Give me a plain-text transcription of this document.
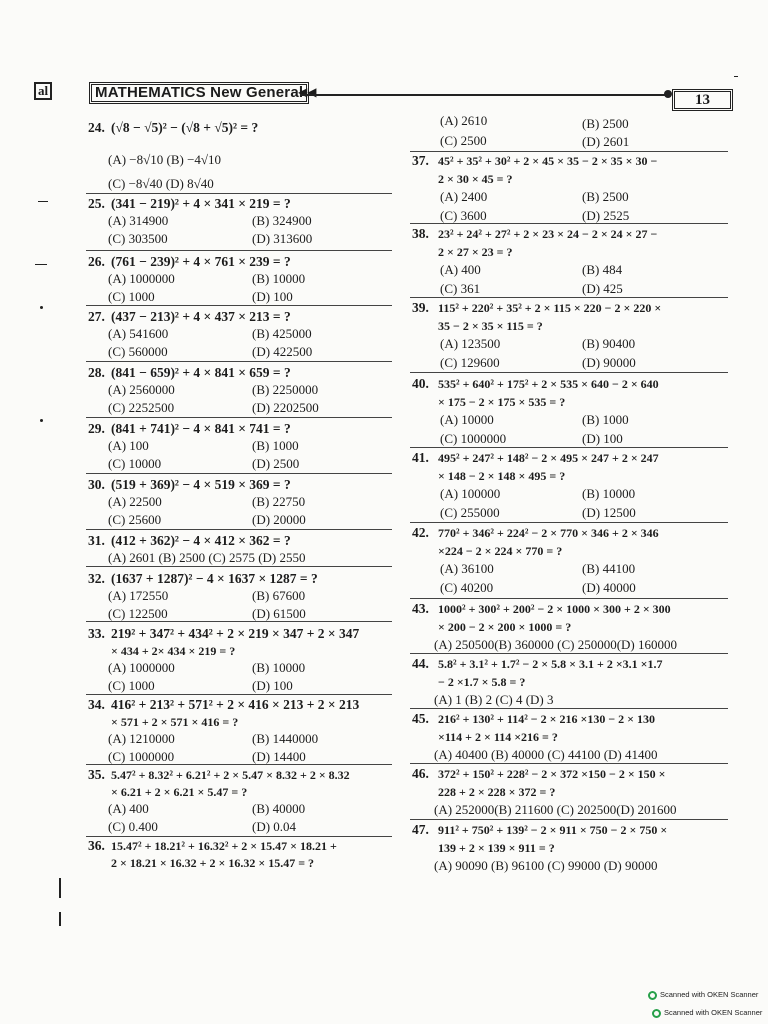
al	MATHEMATICS New General
◀◀	13
Scanned with OKEN Scanner
Scanned with OKEN Scanner
24. (√8 − √5)² − (√8 + √5)² = ?
(A) −8√10 (B) −4√10
(C) −8√40 (D) 8√40
25. (341 − 219)² + 4 × 341 × 219 = ?
(A) 314900	(B) 324900
(C) 303500	(D) 313600
26. (761 − 239)² + 4 × 761 × 239 = ?
(A) 1000000	(B) 10000
(C) 1000	(D) 100
27. (437 − 213)² + 4 × 437 × 213 = ?
(A) 541600	(B) 425000
(C) 560000	(D) 422500
28. (841 − 659)² + 4 × 841 × 659 = ?
(A) 2560000	(B) 2250000
(C) 2252500	(D) 2202500
29. (841 + 741)² − 4 × 841 × 741 = ?
(A) 100	(B) 1000
(C) 10000	(D) 2500
30. (519 + 369)² − 4 × 519 × 369 = ?
(A) 22500	(B) 22750
(C) 25600	(D) 20000
31. (412 + 362)² − 4 × 412 × 362 = ?
(A) 2601 (B) 2500 (C) 2575 (D) 2550
32. (1637 + 1287)² − 4 × 1637 × 1287 = ?
(A) 172550	(B) 67600
(C) 122500	(D) 61500
33. 219² + 347² + 434² + 2 × 219 × 347 + 2 × 347
× 434 + 2× 434 × 219 = ?
(A) 1000000	(B) 10000
(C) 1000	(D) 100
34. 416² + 213² + 571² + 2 × 416 × 213 + 2 × 213
× 571 + 2 × 571 × 416 = ?
(A) 1210000	(B) 1440000
(C) 1000000	(D) 14400
35. 5.47² + 8.32² + 6.21² + 2 × 5.47 × 8.32 + 2 × 8.32
× 6.21 + 2 × 6.21 × 5.47 = ?
(A) 400	(B) 40000
(C) 0.400	(D) 0.04
36. 15.47² + 18.21² + 16.32² + 2 × 15.47 × 18.21 +
2 × 18.21 × 16.32 + 2 × 16.32 × 15.47 = ?
(A) 2610	(B) 2500
(C) 2500	(D) 2601
37. 45² + 35² + 30² + 2 × 45 × 35 − 2 × 35 × 30 −
2 × 30 × 45 = ?
(A) 2400	(B) 2500
(C) 3600	(D) 2525
38. 23² + 24² + 27² + 2 × 23 × 24 − 2 × 24 × 27 −
2 × 27 × 23 = ?
(A) 400	(B) 484
(C) 361	(D) 425
39. 115² + 220² + 35² + 2 × 115 × 220 − 2 × 220 ×
35 − 2 × 35 × 115 = ?
(A) 123500	(B) 90400
(C) 129600	(D) 90000
40. 535² + 640² + 175² + 2 × 535 × 640 − 2 × 640
× 175 − 2 × 175 × 535 = ?
(A) 10000	(B) 1000
(C) 1000000	(D) 100
41. 495² + 247² + 148² − 2 × 495 × 247 + 2 × 247
× 148 − 2 × 148 × 495 = ?
(A) 100000	(B) 10000
(C) 255000	(D) 12500
42. 770² + 346² + 224² − 2 × 770 × 346 + 2 × 346
×224 − 2 × 224 × 770 = ?
(A) 36100	(B) 44100
(C) 40200	(D) 40000
43. 1000² + 300² + 200² − 2 × 1000 × 300 + 2 × 300
× 200 − 2 × 200 × 1000 = ?
(A) 250500(B) 360000 (C) 250000(D) 160000
44. 5.8² + 3.1² + 1.7² − 2 × 5.8 × 3.1 + 2 ×3.1 ×1.7
− 2 ×1.7 × 5.8 = ?
(A) 1 (B) 2 (C) 4 (D) 3
45. 216² + 130² + 114² − 2 × 216 ×130 − 2 × 130
×114 + 2 × 114 ×216 = ?
(A) 40400 (B) 40000 (C) 44100 (D) 41400
46. 372² + 150² + 228² − 2 × 372 ×150 − 2 × 150 ×
228 + 2 × 228 × 372 = ?
(A) 252000(B) 211600 (C) 202500(D) 201600
47. 911² + 750² + 139² − 2 × 911 × 750 − 2 × 750 ×
139 + 2 × 139 × 911 = ?
(A) 90090 (B) 96100 (C) 99000 (D) 90000
